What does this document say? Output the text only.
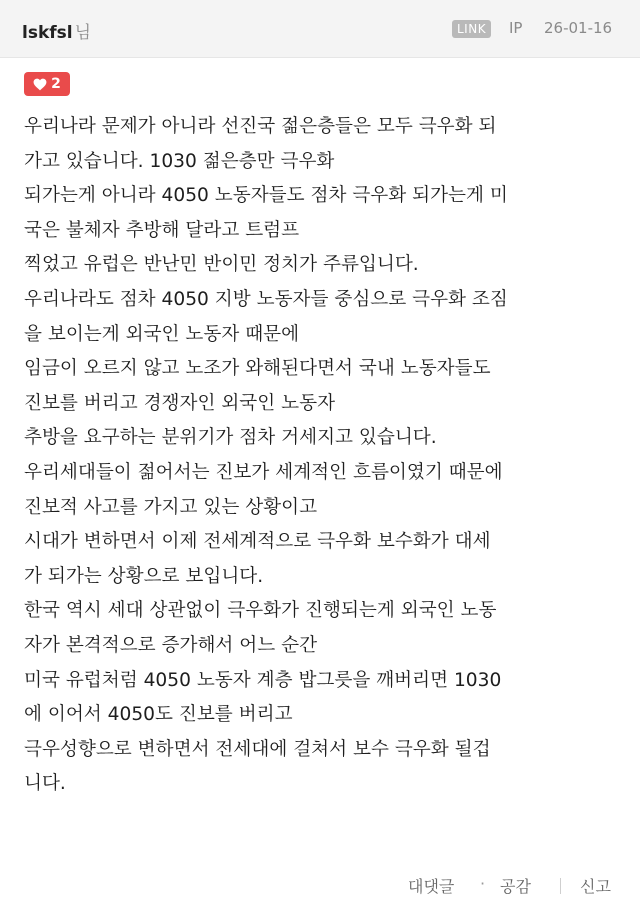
lskfsl 님	LINK	IP 26-01-16
2
우리나라 문제가 아니라 선진국 젊은층들은 모두 극우화 되
가고 있습니다. 1030 젊은층만 극우화
되가는게 아니라 4050 노동자들도 점차 극우화 되가는게 미
국은 불체자 추방해 달라고 트럼프
찍었고 유럽은 반난민 반이민 정치가 주류입니다.
우리나라도 점차 4050 지방 노동자들 중심으로 극우화 조짐
을 보이는게 외국인 노동자 때문에
임금이 오르지 않고 노조가 와해된다면서 국내 노동자들도
진보를 버리고 경쟁자인 외국인 노동자
추방을 요구하는 분위기가 점차 거세지고 있습니다.
우리세대들이 젊어서는 진보가 세계적인 흐름이였기 때문에
진보적 사고를 가지고 있는 상황이고
시대가 변하면서 이제 전세계적으로 극우화 보수화가 대세
가 되가는 상황으로 보입니다.
한국 역시 세대 상관없이 극우화가 진행되는게 외국인 노동
자가 본격적으로 증가해서 어느 순간
미국 유럽처럼 4050 노동자 계층 밥그릇을 깨버리면 1030
에 이어서 4050도 진보를 버리고
극우성향으로 변하면서 전세대에 걸쳐서 보수 극우화 될겁
니다.
대댓글 · 공감	신고
